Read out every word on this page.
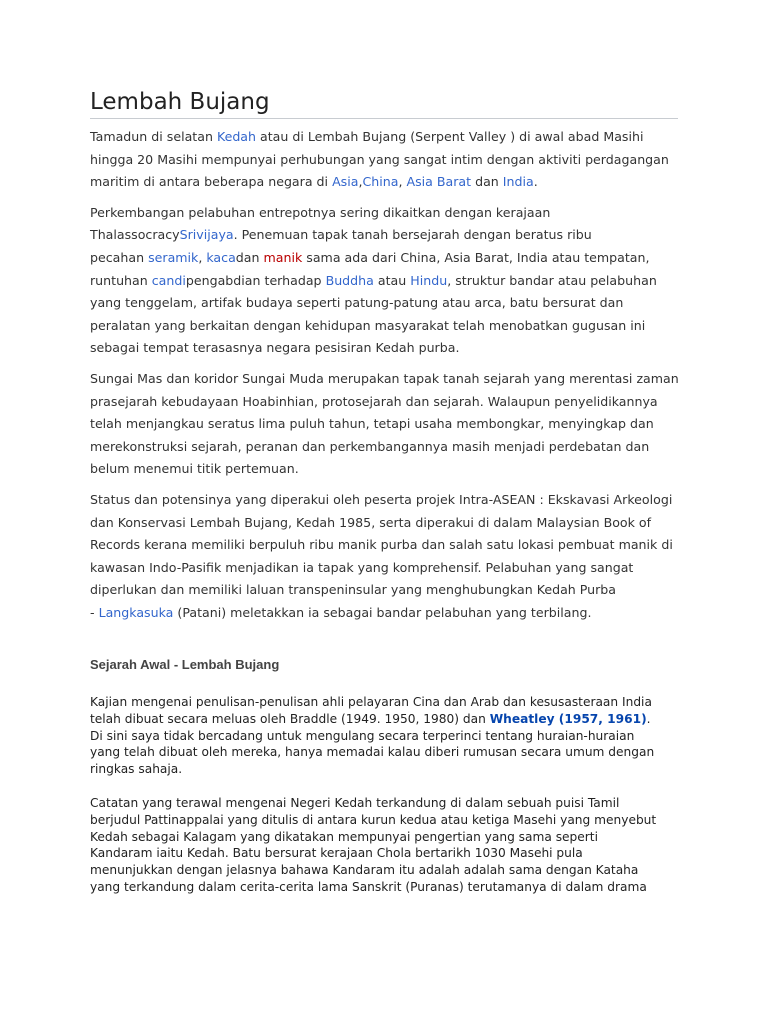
Lembah Bujang

Tamadun di selatan Kedah atau di Lembah Bujang (Serpent Valley ) di awal abad Masihi
hingga 20 Masihi mempunyai perhubungan yang sangat intim dengan aktiviti perdagangan
maritim di antara beberapa negara di Asia,China, Asia Barat dan India.

Perkembangan pelabuhan entrepotnya sering dikaitkan dengan kerajaan
ThalassocracySrivijaya. Penemuan tapak tanah bersejarah dengan beratus ribu
pecahan seramik, kacadan manik sama ada dari China, Asia Barat, India atau tempatan,
runtuhan candipengabdian terhadap Buddha atau Hindu, struktur bandar atau pelabuhan
yang tenggelam, artifak budaya seperti patung-patung atau arca, batu bersurat dan
peralatan yang berkaitan dengan kehidupan masyarakat telah menobatkan gugusan ini
sebagai tempat terasasnya negara pesisiran Kedah purba.

Sungai Mas dan koridor Sungai Muda merupakan tapak tanah sejarah yang merentasi zaman
prasejarah kebudayaan Hoabinhian, protosejarah dan sejarah. Walaupun penyelidikannya
telah menjangkau seratus lima puluh tahun, tetapi usaha membongkar, menyingkap dan
merekonstruksi sejarah, peranan dan perkembangannya masih menjadi perdebatan dan
belum menemui titik pertemuan.

Status dan potensinya yang diperakui oleh peserta projek Intra-ASEAN : Ekskavasi Arkeologi
dan Konservasi Lembah Bujang, Kedah 1985, serta diperakui di dalam Malaysian Book of
Records kerana memiliki berpuluh ribu manik purba dan salah satu lokasi pembuat manik di
kawasan Indo-Pasifik menjadikan ia tapak yang komprehensif. Pelabuhan yang sangat
diperlukan dan memiliki laluan transpeninsular yang menghubungkan Kedah Purba
- Langkasuka (Patani) meletakkan ia sebagai bandar pelabuhan yang terbilang.

Sejarah Awal - Lembah Bujang

Kajian mengenai penulisan-penulisan ahli pelayaran Cina dan Arab dan kesusasteraan India
telah dibuat secara meluas oleh Braddle (1949. 1950, 1980) dan Wheatley (1957, 1961).
Di sini saya tidak bercadang untuk mengulang secara terperinci tentang huraian-huraian
yang telah dibuat oleh mereka, hanya memadai kalau diberi rumusan secara umum dengan
ringkas sahaja.

Catatan yang terawal mengenai Negeri Kedah terkandung di dalam sebuah puisi Tamil
berjudul Pattinappalai yang ditulis di antara kurun kedua atau ketiga Masehi yang menyebut
Kedah sebagai Kalagam yang dikatakan mempunyai pengertian yang sama seperti
Kandaram iaitu Kedah. Batu bersurat kerajaan Chola bertarikh 1030 Masehi pula
menunjukkan dengan jelasnya bahawa Kandaram itu adalah adalah sama dengan Kataha
yang terkandung dalam cerita-cerita lama Sanskrit (Puranas) terutamanya di dalam drama
